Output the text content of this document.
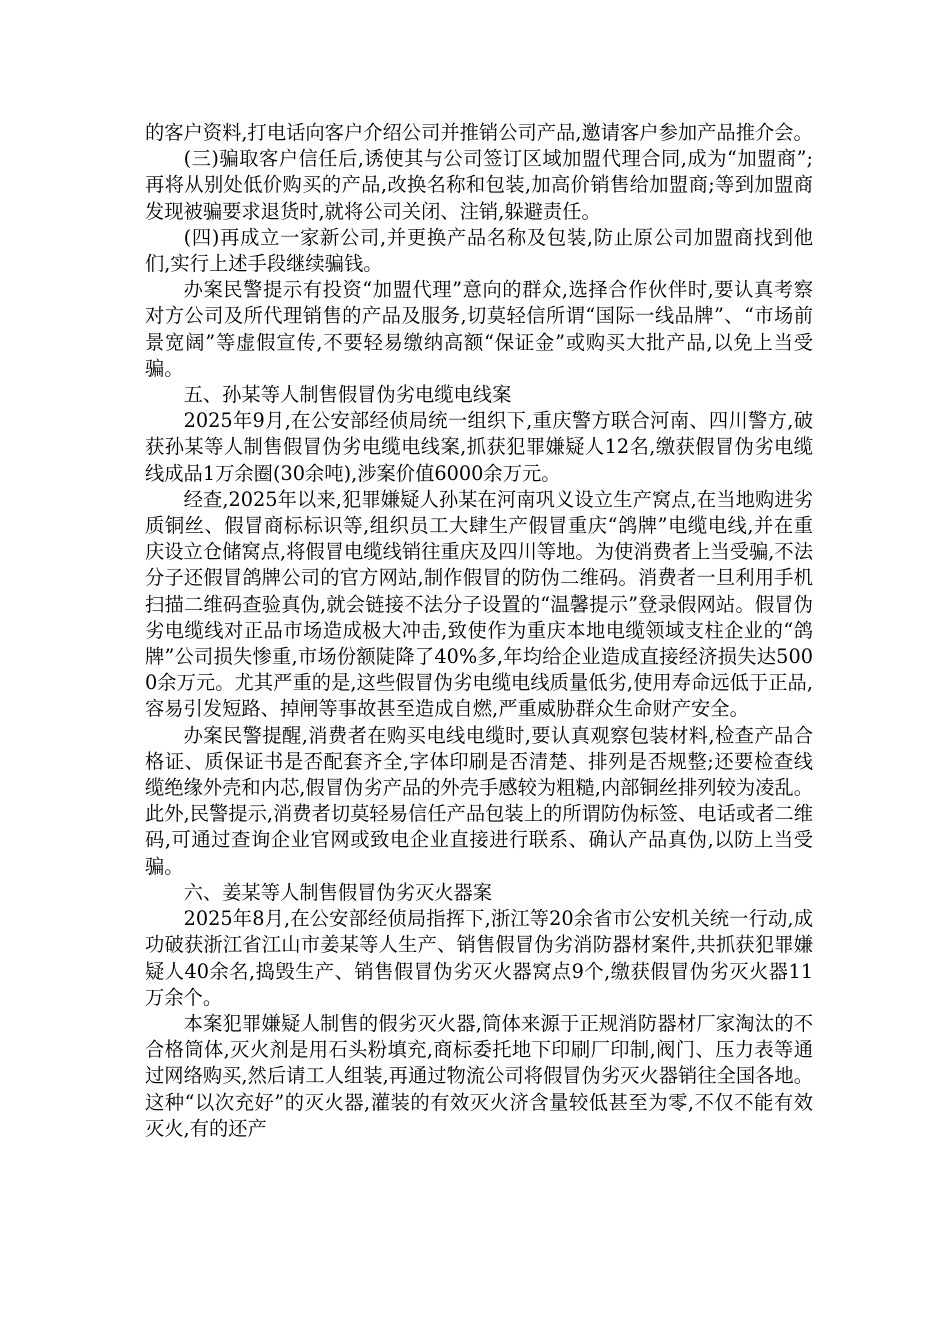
的客户资料,打电话向客户介绍公司并推销公司产品,邀请客户参加产品推介会。

(三)骗取客户信任后,诱使其与公司签订区域加盟代理合同,成为“加盟商”;再将从别处低价购买的产品,改换名称和包装,加高价销售给加盟商;等到加盟商发现被骗要求退货时,就将公司关闭、注销,躲避责任。

(四)再成立一家新公司,并更换产品名称及包装,防止原公司加盟商找到他们,实行上述手段继续骗钱。

办案民警提示有投资“加盟代理”意向的群众,选择合作伙伴时,要认真考察对方公司及所代理销售的产品及服务,切莫轻信所谓“国际一线品牌”、“市场前景宽阔”等虚假宣传,不要轻易缴纳高额“保证金”或购买大批产品,以免上当受骗。

五、孙某等人制售假冒伪劣电缆电线案

2025年9月,在公安部经侦局统一组织下,重庆警方联合河南、四川警方,破获孙某等人制售假冒伪劣电缆电线案,抓获犯罪嫌疑人12名,缴获假冒伪劣电缆线成品1万余圈(30余吨),涉案价值6000余万元。

经查,2025年以来,犯罪嫌疑人孙某在河南巩义设立生产窝点,在当地购进劣质铜丝、假冒商标标识等,组织员工大肆生产假冒重庆“鸽牌”电缆电线,并在重庆设立仓储窝点,将假冒电缆线销往重庆及四川等地。为使消费者上当受骗,不法分子还假冒鸽牌公司的官方网站,制作假冒的防伪二维码。消费者一旦利用手机扫描二维码查验真伪,就会链接不法分子设置的“温馨提示”登录假网站。假冒伪劣电缆线对正品市场造成极大冲击,致使作为重庆本地电缆领域支柱企业的“鸽牌”公司损失惨重,市场份额陡降了40%多,年均给企业造成直接经济损失达5000余万元。尤其严重的是,这些假冒伪劣电缆电线质量低劣,使用寿命远低于正品,容易引发短路、掉闸等事故甚至造成自燃,严重威胁群众生命财产安全。

办案民警提醒,消费者在购买电线电缆时,要认真观察包装材料,检查产品合格证、质保证书是否配套齐全,字体印刷是否清楚、排列是否规整;还要检查线缆绝缘外壳和内芯,假冒伪劣产品的外壳手感较为粗糙,内部铜丝排列较为凌乱。此外,民警提示,消费者切莫轻易信任产品包装上的所谓防伪标签、电话或者二维码,可通过查询企业官网或致电企业直接进行联系、确认产品真伪,以防上当受骗。

六、姜某等人制售假冒伪劣灭火器案

2025年8月,在公安部经侦局指挥下,浙江等20余省市公安机关统一行动,成功破获浙江省江山市姜某等人生产、销售假冒伪劣消防器材案件,共抓获犯罪嫌疑人40余名,捣毁生产、销售假冒伪劣灭火器窝点9个,缴获假冒伪劣灭火器11万余个。

本案犯罪嫌疑人制售的假劣灭火器,筒体来源于正规消防器材厂家淘汰的不合格筒体,灭火剂是用石头粉填充,商标委托地下印刷厂印制,阀门、压力表等通过网络购买,然后请工人组装,再通过物流公司将假冒伪劣灭火器销往全国各地。这种“以次充好”的灭火器,灌装的有效灭火济含量较低甚至为零,不仅不能有效灭火,有的还产
